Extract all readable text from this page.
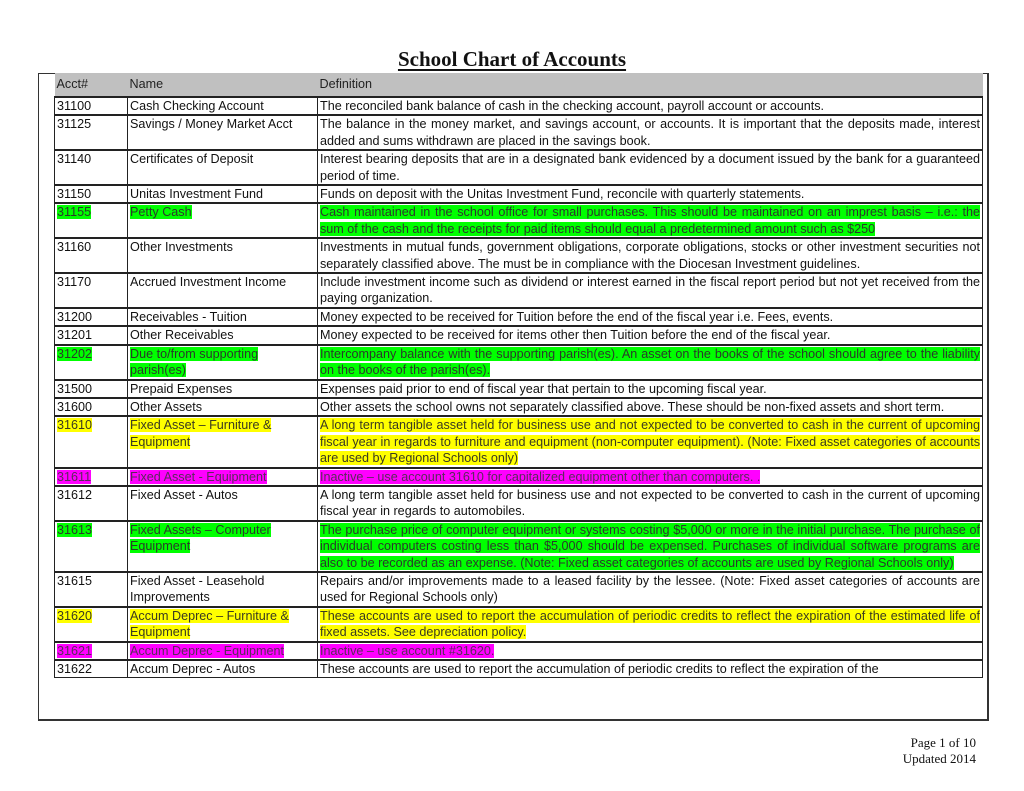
School Chart of Accounts
Acct#	Name	Definition
31100	Cash Checking Account	The reconciled bank balance of cash in the checking account, payroll account or accounts.
31125	Savings / Money Market Acct	The balance in the money market, and savings account, or accounts. It is important that the deposits made, interest added and sums withdrawn are placed in the savings book.
31140	Certificates of Deposit	Interest bearing deposits that are in a designated bank evidenced by a document issued by the bank for a guaranteed period of time.
31150	Unitas Investment Fund	Funds on deposit with the Unitas Investment Fund, reconcile with quarterly statements.
31155	Petty Cash	Cash maintained in the school office for small purchases. This should be maintained on an imprest basis – i.e.: the sum of the cash and the receipts for paid items should equal a predetermined amount such as $250
31160	Other Investments	Investments in mutual funds, government obligations, corporate obligations, stocks or other investment securities not separately classified above. The must be in compliance with the Diocesan Investment guidelines.
31170	Accrued Investment Income	Include investment income such as dividend or interest earned in the fiscal report period but not yet received from the paying organization.
31200	Receivables - Tuition	Money expected to be received for Tuition before the end of the fiscal year i.e. Fees, events.
31201	Other Receivables	Money expected to be received for items other then Tuition before the end of the fiscal year.
31202	Due to/from supporting parish(es)	Intercompany balance with the supporting parish(es). An asset on the books of the school should agree to the liability on the books of the parish(es).
31500	Prepaid Expenses	Expenses paid prior to end of fiscal year that pertain to the upcoming fiscal year.
31600	Other Assets	Other assets the school owns not separately classified above. These should be non-fixed assets and short term.
31610	Fixed Asset – Furniture & Equipment	A long term tangible asset held for business use and not expected to be converted to cash in the current of upcoming fiscal year in regards to furniture and equipment (non-computer equipment). (Note: Fixed asset categories of accounts are used by Regional Schools only)
31611	Fixed Asset - Equipment	Inactive – use account 31610 for capitalized equipment other than computers. .
31612	Fixed Asset - Autos	A long term tangible asset held for business use and not expected to be converted to cash in the current of upcoming fiscal year in regards to automobiles.
31613	Fixed Assets – Computer Equipment	The purchase price of computer equipment or systems costing $5,000 or more in the initial purchase. The purchase of individual computers costing less than $5,000 should be expensed. Purchases of individual software programs are also to be recorded as an expense. (Note: Fixed asset categories of accounts are used by Regional Schools only)
31615	Fixed Asset - Leasehold Improvements	Repairs and/or improvements made to a leased facility by the lessee. (Note: Fixed asset categories of accounts are used for Regional Schools only)
31620	Accum Deprec – Furniture & Equipment	These accounts are used to report the accumulation of periodic credits to reflect the expiration of the estimated life of fixed assets. See depreciation policy.
31621	Accum Deprec - Equipment	Inactive – use account #31620.
31622	Accum Deprec - Autos	These accounts are used to report the accumulation of periodic credits to reflect the expiration of the
Page 1 of 10
Updated 2014
